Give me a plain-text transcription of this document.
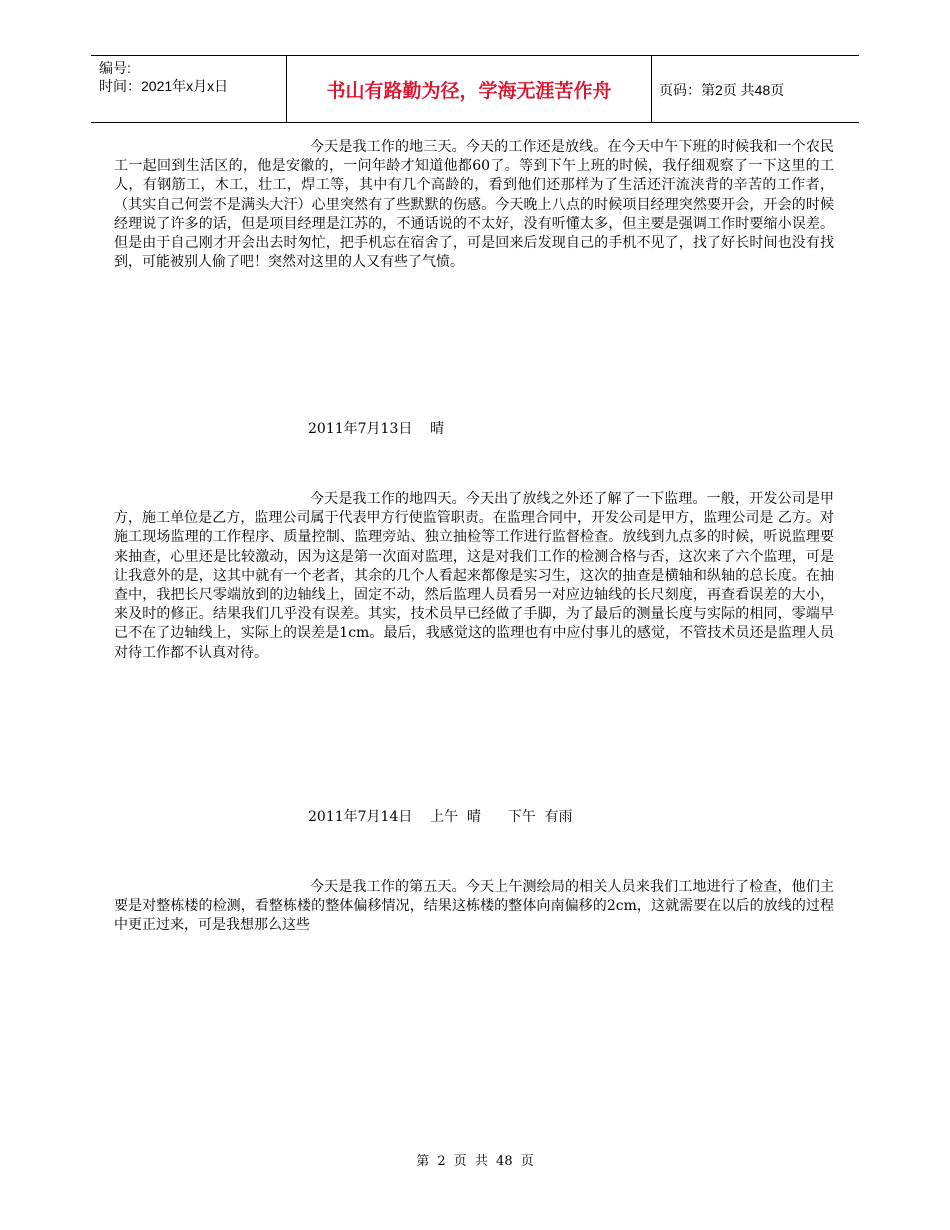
编号:
时间：2021年x月x日	书山有路勤为径，学海无涯苦作舟	页码：第2页 共48页
今天是我工作的地三天。今天的工作还是放线。在今天中午下班的时候我和一个农民工一起回到生活区的，他是安徽的，一问年龄才知道他都60了。等到下午上班的时候，我仔细观察了一下这里的工人，有钢筋工，木工，壮工，焊工等，其中有几个高龄的，看到他们还那样为了生活还汗流浃背的辛苦的工作者，（其实自己何尝不是满头大汗）心里突然有了些默默的伤感。今天晚上八点的时候项目经理突然要开会，开会的时候经理说了许多的话，但是项目经理是江苏的，不通话说的不太好，没有听懂太多，但主要是强调工作时要缩小误差。但是由于自己刚才开会出去时匆忙，把手机忘在宿舍了，可是回来后发现自己的手机不见了，找了好长时间也没有找到，可能被别人偷了吧！突然对这里的人又有些了气愤。
2011年7月13日    晴
今天是我工作的地四天。今天出了放线之外还了解了一下监理。一般，开发公司是甲方，施工单位是乙方，监理公司属于代表甲方行使监管职责。在监理合同中，开发公司是甲方，监理公司是 乙方。对施工现场监理的工作程序、质量控制、监理旁站、独立抽检等工作进行监督检查。放线到九点多的时候，听说监理要来抽查，心里还是比较激动，因为这是第一次面对监理，这是对我们工作的检测合格与否，这次来了六个监理，可是让我意外的是，这其中就有一个老者，其余的几个人看起来都像是实习生，这次的抽查是横轴和纵轴的总长度。在抽查中，我把长尺零端放到的边轴线上，固定不动，然后监理人员看另一对应边轴线的长尺刻度，再查看误差的大小，来及时的修正。结果我们几乎没有误差。其实，技术员早已经做了手脚，为了最后的测量长度与实际的相同，零端早已不在了边轴线上，实际上的误差是1cm。最后，我感觉这的监理也有中应付事儿的感觉，不管技术员还是监理人员对待工作都不认真对待。
2011年7月14日    上午  晴      下午  有雨
今天是我工作的第五天。今天上午测绘局的相关人员来我们工地进行了检查，他们主要是对整栋楼的检测，看整栋楼的整体偏移情况，结果这栋楼的整体向南偏移的2cm，这就需要在以后的放线的过程中更正过来，可是我想那么这些
第 2 页 共 48 页
